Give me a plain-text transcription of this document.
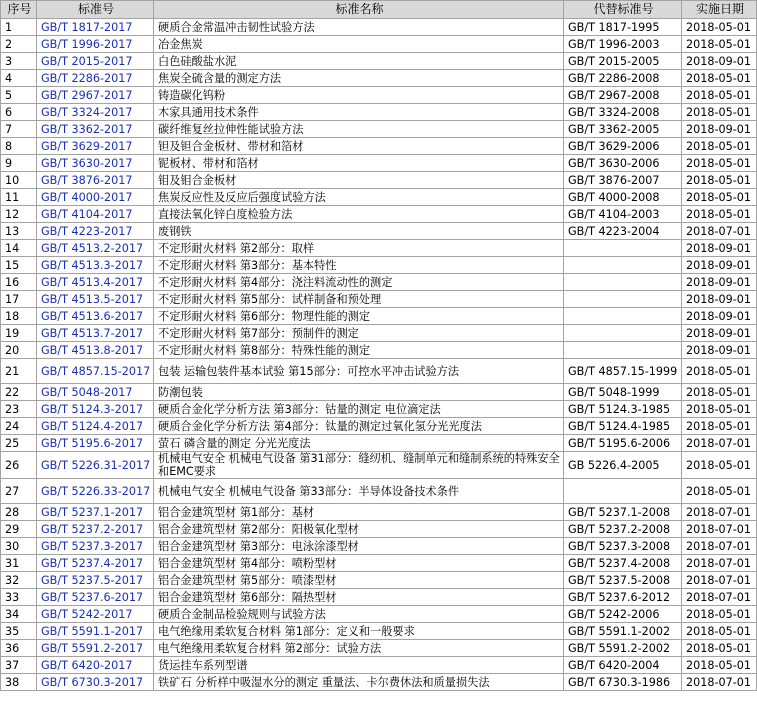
序号	标准号	标准名称	代替标准号	实施日期
1	GB/T 1817-2017	硬质合金常温冲击韧性试验方法	GB/T 1817-1995	2018-05-01
2	GB/T 1996-2017	冶金焦炭	GB/T 1996-2003	2018-05-01
3	GB/T 2015-2017	白色硅酸盐水泥	GB/T 2015-2005	2018-09-01
4	GB/T 2286-2017	焦炭全硫含量的测定方法	GB/T 2286-2008	2018-05-01
5	GB/T 2967-2017	铸造碳化钨粉	GB/T 2967-2008	2018-05-01
6	GB/T 3324-2017	木家具通用技术条件	GB/T 3324-2008	2018-05-01
7	GB/T 3362-2017	碳纤维复丝拉伸性能试验方法	GB/T 3362-2005	2018-09-01
8	GB/T 3629-2017	钽及钽合金板材、带材和箔材	GB/T 3629-2006	2018-05-01
9	GB/T 3630-2017	铌板材、带材和箔材	GB/T 3630-2006	2018-05-01
10	GB/T 3876-2017	钼及钼合金板材	GB/T 3876-2007	2018-05-01
11	GB/T 4000-2017	焦炭反应性及反应后强度试验方法	GB/T 4000-2008	2018-05-01
12	GB/T 4104-2017	直接法氧化锌白度检验方法	GB/T 4104-2003	2018-05-01
13	GB/T 4223-2017	废钢铁	GB/T 4223-2004	2018-07-01
14	GB/T 4513.2-2017	不定形耐火材料 第2部分：取样		2018-09-01
15	GB/T 4513.3-2017	不定形耐火材料 第3部分：基本特性		2018-09-01
16	GB/T 4513.4-2017	不定形耐火材料 第4部分：浇注料流动性的测定		2018-09-01
17	GB/T 4513.5-2017	不定形耐火材料 第5部分：试样制备和预处理		2018-09-01
18	GB/T 4513.6-2017	不定形耐火材料 第6部分：物理性能的测定		2018-09-01
19	GB/T 4513.7-2017	不定形耐火材料 第7部分：预制件的测定		2018-09-01
20	GB/T 4513.8-2017	不定形耐火材料 第8部分：特殊性能的测定		2018-09-01
21	GB/T 4857.15-2017	包装 运输包装件基本试验 第15部分：可控水平冲击试验方法	GB/T 4857.15-1999	2018-05-01
22	GB/T 5048-2017	防潮包装	GB/T 5048-1999	2018-05-01
23	GB/T 5124.3-2017	硬质合金化学分析方法 第3部分：钴量的测定 电位滴定法	GB/T 5124.3-1985	2018-05-01
24	GB/T 5124.4-2017	硬质合金化学分析方法 第4部分：钛量的测定过氧化氢分光光度法	GB/T 5124.4-1985	2018-05-01
25	GB/T 5195.6-2017	萤石 磷含量的测定 分光光度法	GB/T 5195.6-2006	2018-07-01
26	GB/T 5226.31-2017	机械电气安全 机械电气设备 第31部分：缝纫机、缝制单元和缝制系统的特殊安全和EMC要求	GB 5226.4-2005	2018-05-01
27	GB/T 5226.33-2017	机械电气安全 机械电气设备 第33部分：半导体设备技术条件		2018-05-01
28	GB/T 5237.1-2017	铝合金建筑型材 第1部分：基材	GB/T 5237.1-2008	2018-07-01
29	GB/T 5237.2-2017	铝合金建筑型材 第2部分：阳极氧化型材	GB/T 5237.2-2008	2018-07-01
30	GB/T 5237.3-2017	铝合金建筑型材 第3部分：电泳涂漆型材	GB/T 5237.3-2008	2018-07-01
31	GB/T 5237.4-2017	铝合金建筑型材 第4部分：喷粉型材	GB/T 5237.4-2008	2018-07-01
32	GB/T 5237.5-2017	铝合金建筑型材 第5部分：喷漆型材	GB/T 5237.5-2008	2018-07-01
33	GB/T 5237.6-2017	铝合金建筑型材 第6部分：隔热型材	GB/T 5237.6-2012	2018-07-01
34	GB/T 5242-2017	硬质合金制品检验规则与试验方法	GB/T 5242-2006	2018-05-01
35	GB/T 5591.1-2017	电气绝缘用柔软复合材料 第1部分：定义和一般要求	GB/T 5591.1-2002	2018-05-01
36	GB/T 5591.2-2017	电气绝缘用柔软复合材料 第2部分：试验方法	GB/T 5591.2-2002	2018-05-01
37	GB/T 6420-2017	货运挂车系列型谱	GB/T 6420-2004	2018-05-01
38	GB/T 6730.3-2017	铁矿石 分析样中吸湿水分的测定 重量法、卡尔费休法和质量损失法	GB/T 6730.3-1986	2018-07-01
